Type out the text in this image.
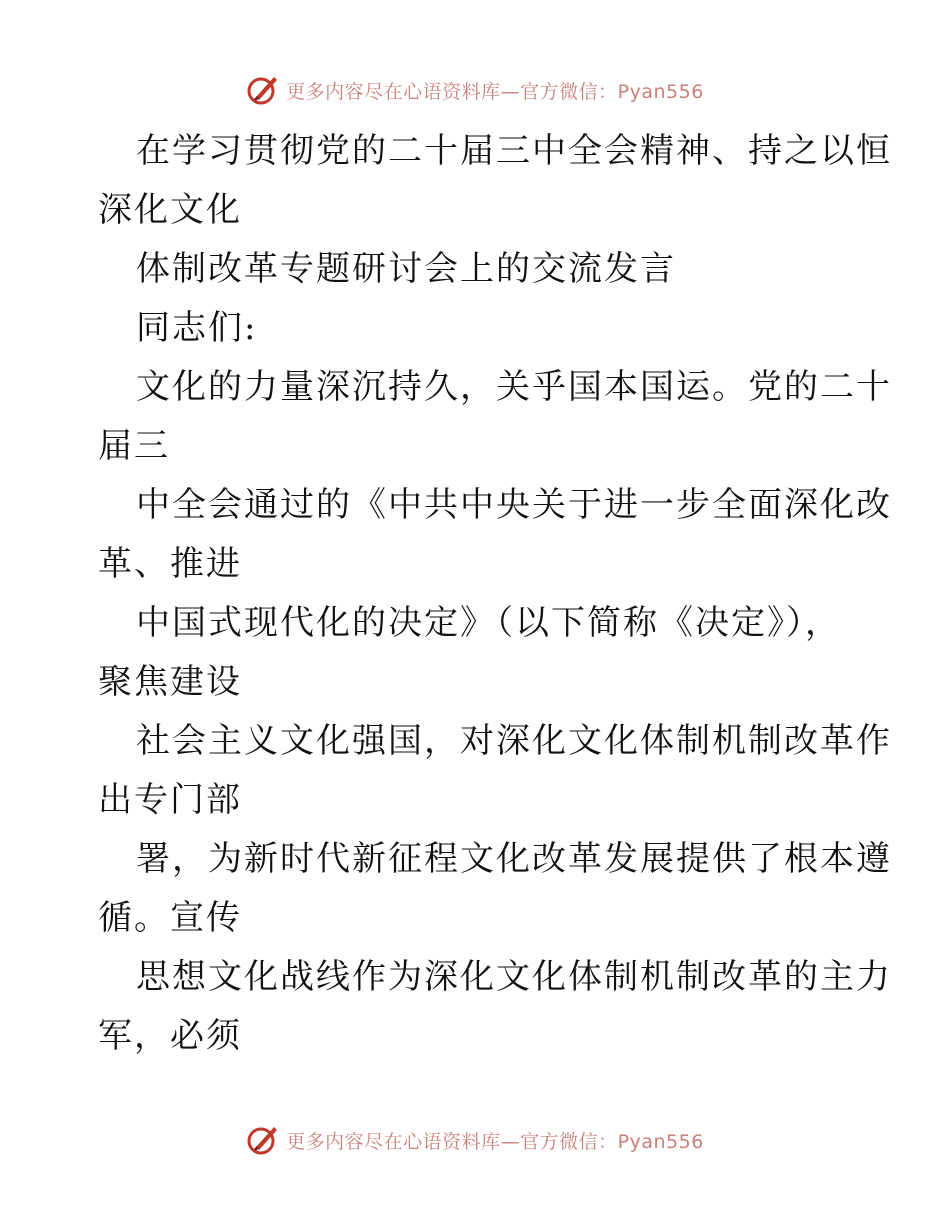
更多内容尽在心语资料库—官方微信：Pyan556
在学习贯彻党的二十届三中全会精神、持之以恒
深化文化
体制改革专题研讨会上的交流发言
同志们:
文化的力量深沉持久，关乎国本国运。党的二十
届三
中全会通过的《中共中央关于进一步全面深化改
革、推进
中国式现代化的决定》（以下简称《决定》），
聚焦建设
社会主义文化强国，对深化文化体制机制改革作
出专门部
署，为新时代新征程文化改革发展提供了根本遵
循。宣传
思想文化战线作为深化文化体制机制改革的主力
军，必须
更多内容尽在心语资料库—官方微信：Pyan556
